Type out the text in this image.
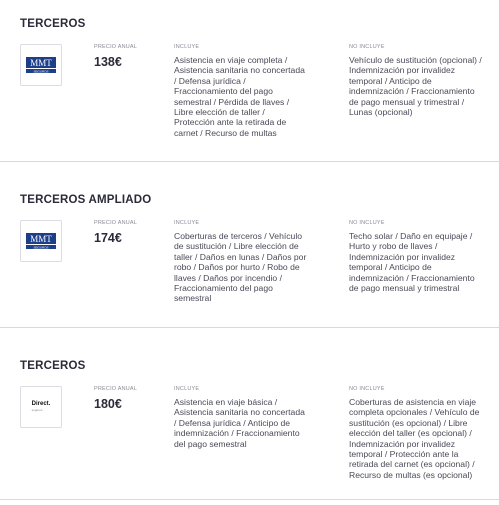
TERCEROS
MMT
SEGUROS
PRECIO ANUAL
138€
INCLUYE
Asistencia en viaje completa /
Asistencia sanitaria no concertada
/ Defensa jurídica /
Fraccionamiento del pago
semestral / Pérdida de llaves /
Libre elección de taller /
Protección ante la retirada de
carnet / Recurso de multas
NO INCLUYE
Vehículo de sustitución (opcional) /
Indemnización por invalidez
temporal / Anticipo de
indemnización / Fraccionamiento
de pago mensual y trimestral /
Lunas (opcional)
TERCEROS AMPLIADO
MMT
SEGUROS
PRECIO ANUAL
174€
INCLUYE
Coberturas de terceros / Vehículo
de sustitución / Libre elección de
taller / Daños en lunas / Daños por
robo / Daños por hurto / Robo de
llaves / Daños por incendio /
Fraccionamiento del pago
semestral
NO INCLUYE
Techo solar / Daño en equipaje /
Hurto y robo de llaves /
Indemnización por invalidez
temporal / Anticipo de
indemnización / Fraccionamiento
de pago mensual y trimestral
TERCEROS
Direct.
seguros
PRECIO ANUAL
180€
INCLUYE
Asistencia en viaje básica /
Asistencia sanitaria no concertada
/ Defensa jurídica / Anticipo de
indemnización / Fraccionamiento
del pago semestral
NO INCLUYE
Coberturas de asistencia en viaje
completa opcionales / Vehículo de
sustitución (es opcional) / Libre
elección del taller (es opcional) /
Indemnización por invalidez
temporal / Protección ante la
retirada del carnet (es opcional) /
Recurso de multas (es opcional)
